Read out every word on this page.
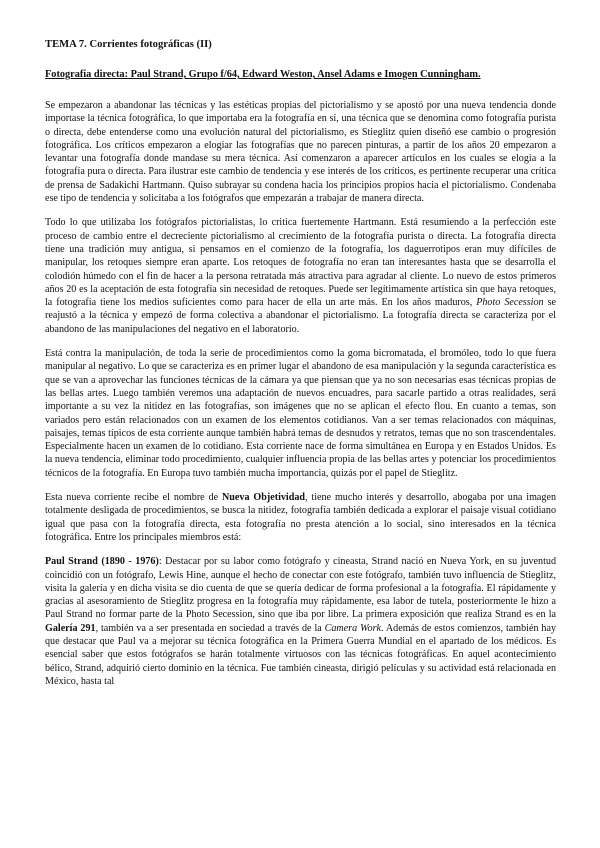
TEMA 7. Corrientes fotográficas (II)
Fotografía directa: Paul Strand, Grupo f/64, Edward Weston, Ansel Adams e Imogen Cunningham.

Se empezaron a abandonar las técnicas y las estéticas propias del pictorialismo y se apostó por una nueva tendencia donde importase la técnica fotográfica, lo que importaba era la fotografía en sí, una técnica que se denomina como fotografía purista o directa, debe entenderse como una evolución natural del pictorialismo, es Stieglitz quien diseñó ese cambio o progresión fotográfica. Los críticos empezaron a elogiar las fotografías que no parecen pinturas, a partir de los años 20 empezaron a levantar una fotografía donde mandase su mera técnica. Así comenzaron a aparecer artículos en los cuales se elogia a la fotografía pura o directa. Para ilustrar este cambio de tendencia y ese interés de los críticos, es pertinente recuperar una crítica de prensa de Sadakichi Hartmann. Quiso subrayar su condena hacia los principios propios hacia el pictorialismo. Condenaba ese tipo de tendencia y solicitaba a los fotógrafos que empezarán a trabajar de manera directa.

Todo lo que utilizaba los fotógrafos pictorialistas, lo critica fuertemente Hartmann. Está resumiendo a la perfección este proceso de cambio entre el decreciente pictorialismo al crecimiento de la fotografía purista o directa. La fotografía directa tiene una tradición muy antigua, si pensamos en el comienzo de la fotografía, los daguerrotipos eran muy difíciles de manipular, los retoques siempre eran aparte. Los retoques de fotografía no eran tan interesantes hasta que se desarrolla el colodión húmedo con el fin de hacer a la persona retratada más atractiva para agradar al cliente. Lo nuevo de estos primeros años 20 es la aceptación de esta fotografía sin necesidad de retoques. Puede ser legítimamente artística sin que haya retoques, la fotografía tiene los medios suficientes como para hacer de ella un arte más. En los años maduros, Photo Secession se reajustó a la técnica y empezó de forma colectiva a abandonar el pictorialismo. La fotografía directa se caracteriza por el abandono de las manipulaciones del negativo en el laboratorio.

Está contra la manipulación, de toda la serie de procedimientos como la goma bicromatada, el bromóleo, todo lo que fuera manipular al negativo. Lo que se caracteriza es en primer lugar el abandono de esa manipulación y la segunda característica es que se van a aprovechar las funciones técnicas de la cámara ya que piensan que ya no son necesarias esas técnicas propias de las bellas artes. Luego también veremos una adaptación de nuevos encuadres, para sacarle partido a otras realidades, será importante a su vez la nitidez en las fotografías, son imágenes que no se aplican el efecto flou. En cuanto a temas, son variados pero están relacionados con un examen de los elementos cotidianos. Van a ser temas relacionados con máquinas, paisajes, temas típicos de esta corriente aunque también habrá temas de desnudos y retratos, temas que no son trascendentales. Especialmente hacen un examen de lo cotidiano. Esta corriente nace de forma simultánea en Europa y en Estados Unidos. Es la nueva tendencia, eliminar todo procedimiento, cualquier influencia propia de las bellas artes y potenciar los procedimientos técnicos de la fotografía. En Europa tuvo también mucha importancia, quizás por el papel de Stieglitz.

Esta nueva corriente recibe el nombre de Nueva Objetividad, tiene mucho interés y desarrollo, abogaba por una imagen totalmente desligada de procedimientos, se busca la nitidez, fotografía también dedicada a explorar el paisaje visual cotidiano igual que pasa con la fotografía directa, esta fotografía no presta atención a lo social, sino interesados en la técnica fotográfica. Entre los principales miembros está:

Paul Strand (1890 - 1976): Destacar por su labor como fotógrafo y cineasta, Strand nació en Nueva York, en su juventud coincidió con un fotógrafo, Lewis Hine, aunque el hecho de conectar con este fotógrafo, también tuvo influencia de Stieglitz, visita la galería y en dicha visita se dio cuenta de que se quería dedicar de forma profesional a la fotografía. El rápidamente y gracias al asesoramiento de Stieglitz progresa en la fotografía muy rápidamente, esa labor de tutela, posteriormente le hizo a Paul Strand no formar parte de la Photo Secession, sino que iba por libre. La primera exposición que realiza Strand es en la Galería 291, también va a ser presentada en sociedad a través de la Camera Work. Además de estos comienzos, también hay que destacar que Paul va a mejorar su técnica fotográfica en la Primera Guerra Mundial en el apartado de los médicos. Es esencial saber que estos fotógrafos se harán totalmente virtuosos con las técnicas fotográficas. En aquel acontecimiento bélico, Strand, adquirió cierto dominio en la técnica. Fue también cineasta, dirigió películas y su actividad está relacionada en México, hasta tal
